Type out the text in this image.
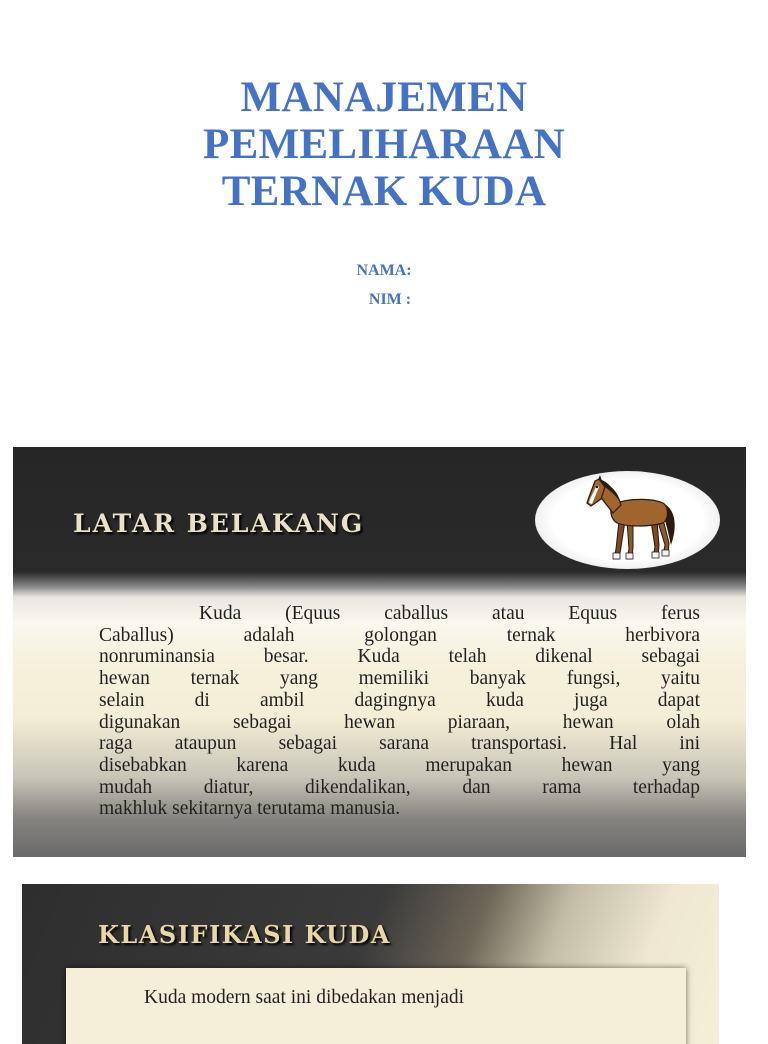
MANAJEMEN
PEMELIHARAAN
TERNAK KUDA
NAMA:
NIM :
LATAR BELAKANG
Kuda (Equus caballus atau Equus ferus
Caballus) adalah golongan ternak herbivora
nonruminansia besar. Kuda telah dikenal sebagai
hewan ternak yang memiliki banyak fungsi, yaitu
selain di ambil dagingnya kuda juga dapat
digunakan sebagai hewan piaraan, hewan olah
raga ataupun sebagai sarana transportasi. Hal ini
disebabkan karena kuda merupakan hewan yang
mudah diatur, dikendalikan, dan rama terhadap
makhluk sekitarnya terutama manusia.
KLASIFIKASI KUDA
Kuda modern saat ini dibedakan menjadi
